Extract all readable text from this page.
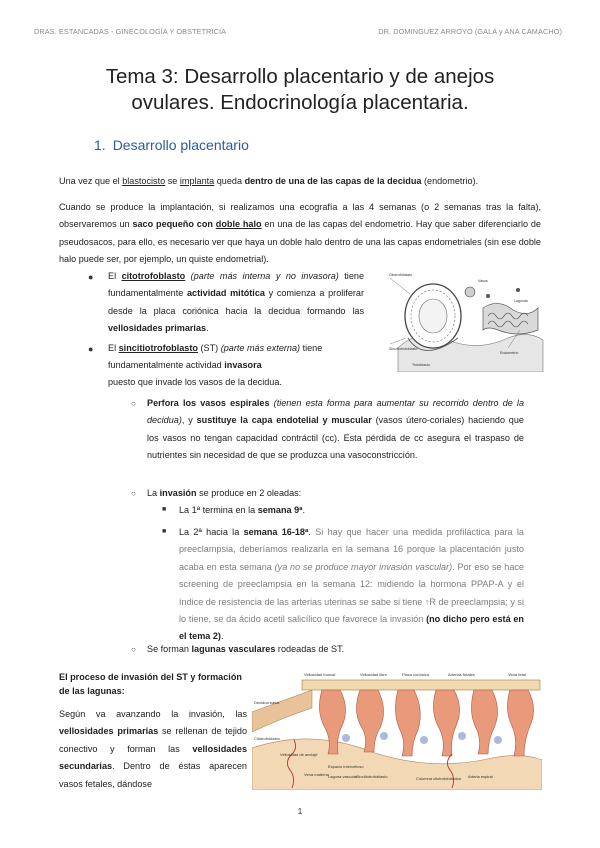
DRAS. ESTANCADAS - GINECOLOGÍA Y OBSTETRICIA	DR. DOMINGUEZ ARROYO (GALA y ANA CAMACHO)
Tema 3: Desarrollo placentario y de anejos
ovulares. Endocrinología placentaria.
1. Desarrollo placentario
Una vez que el blastocisto se implanta queda dentro de una de las capas de la decidua (endometrio).
Cuando se produce la implantación, si realizamos una ecografía a las 4 semanas (o 2 semanas tras la falta), observaremos un saco pequeño con doble halo en una de las capas del endometrio. Hay que saber diferenciarlo de pseudosacos, para ello, es necesario ver que haya un doble halo dentro de una las capas endometriales (sin ese doble halo puede ser, por ejemplo, un quiste endometrial).
● El citotrofoblasto (parte más interna y no invasora) tiene fundamentalmente actividad mitótica y comienza a proliferar desde la placa coriónica hacia la decidua formando las vellosidades primarias.
● El sincitiotrofoblasto (ST) (parte más externa) tiene fundamentalmente actividad invasora
puesto que invade los vasos de la decidua.
Citotrofoblasto
Sincitiotrofoblasto
Vasos
Lagunas
Endometrio
Trofoblasto
○ Perfora los vasos espirales (tienen esta forma para aumentar su recorrido dentro de la decidua), y sustituye la capa endotelial y muscular (vasos útero-coriales) haciendo que los vasos no tengan capacidad contráctil (cc). Esta pérdida de cc asegura el traspaso de nutrientes sin necesidad de que se produzca una vasoconstricción.
○ La invasión se produce en 2 oleadas:
■ La 1ª termina en la semana 9ª.
■ La 2ª hacia la semana 16-18ª. Si hay que hacer una medida profiláctica para la preeclampsia, deberíamos realizarla en la semana 16 porque la placentación justo acaba en esta semana (ya no se produce mayor invasión vascular). Por eso se hace screening de preeclampsia en la semana 12: midiendo la hormona PPAP-A y el índice de resistencia de las arterias uterinas se sabe si tiene ↑R de preeclampsia; y si lo tiene, se da ácido acetil salicílico que favorece la invasión (no dicho pero está en el tema 2).
○ Se forman lagunas vasculares rodeadas de ST.
El proceso de invasión del ST y formación de las lagunas:
Según va avanzando la invasión, las vellosidades primarias se rellenan de tejido conectivo y forman las vellosidades secundarias. Dentro de éstas aparecen vasos fetales, dándose
Vellosidad troncal	Vellosidad libre	Placa coriónica	Arterias fetales	Vena fetal
Decidua basal
Citotrofoblasto
Vellosidad de anclaje
Vena materna
Espacio intervelloso
Laguna vascular
Sincitiotrofoblasto	Columna citotrofoblástica Arteria espiral
1
